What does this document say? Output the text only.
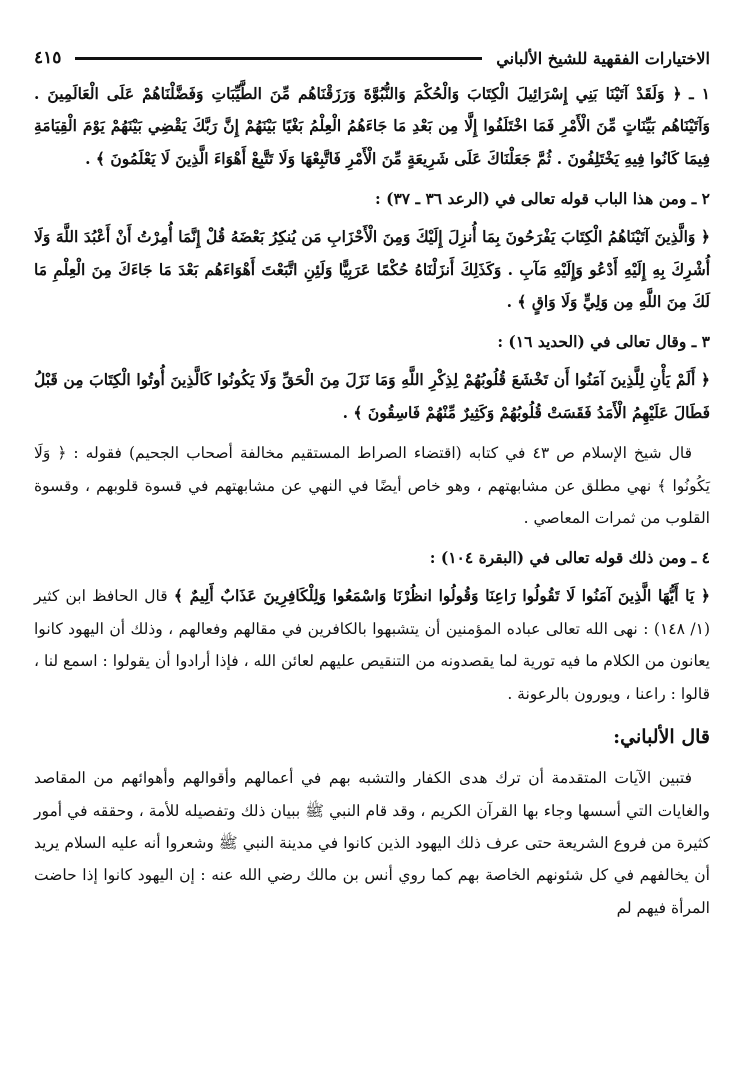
الاختيارات الفقهية للشيخ الألباني
٤١٥

١ ـ ﴿ وَلَقَدْ آتَيْنَا بَنِي إِسْرَائِيلَ الْكِتَابَ وَالْحُكْمَ وَالنُّبُوَّةَ وَرَزَقْنَاهُم مِّنَ الطَّيِّبَاتِ وَفَضَّلْنَاهُمْ عَلَى الْعَالَمِينَ . وَآتَيْنَاهُم بَيِّنَاتٍ مِّنَ الْأَمْرِ فَمَا اخْتَلَفُوا إِلَّا مِن بَعْدِ مَا جَاءَهُمُ الْعِلْمُ بَغْيًا بَيْنَهُمْ إِنَّ رَبَّكَ يَقْضِي بَيْنَهُمْ يَوْمَ الْقِيَامَةِ فِيمَا كَانُوا فِيهِ يَخْتَلِفُونَ . ثُمَّ جَعَلْنَاكَ عَلَى شَرِيعَةٍ مِّنَ الْأَمْرِ فَاتَّبِعْهَا وَلَا تَتَّبِعْ أَهْوَاءَ الَّذِينَ لَا يَعْلَمُونَ ﴾ .

٢ ـ ومن هذا الباب قوله تعالى في (الرعد ٣٦ ـ ٣٧) :

﴿ وَالَّذِينَ آتَيْنَاهُمُ الْكِتَابَ يَفْرَحُونَ بِمَا أُنزِلَ إِلَيْكَ وَمِنَ الْأَحْزَابِ مَن يُنكِرُ بَعْضَهُ قُلْ إِنَّمَا أُمِرْتُ أَنْ أَعْبُدَ اللَّهَ وَلَا أُشْرِكَ بِهِ إِلَيْهِ أَدْعُو وَإِلَيْهِ مَآبِ . وَكَذَلِكَ أَنزَلْنَاهُ حُكْمًا عَرَبِيًّا وَلَئِنِ اتَّبَعْتَ أَهْوَاءَهُم بَعْدَ مَا جَاءَكَ مِنَ الْعِلْمِ مَا لَكَ مِنَ اللَّهِ مِن وَلِيٍّ وَلَا وَاقٍ ﴾ .

٣ ـ وقال تعالى في (الحديد ١٦) :

﴿ أَلَمْ يَأْنِ لِلَّذِينَ آمَنُوا أَن تَخْشَعَ قُلُوبُهُمْ لِذِكْرِ اللَّهِ وَمَا نَزَلَ مِنَ الْحَقِّ وَلَا يَكُونُوا كَالَّذِينَ أُوتُوا الْكِتَابَ مِن قَبْلُ فَطَالَ عَلَيْهِمُ الْأَمَدُ فَقَسَتْ قُلُوبُهُمْ وَكَثِيرٌ مِّنْهُمْ فَاسِقُونَ ﴾ .

قال شيخ الإسلام ص ٤٣ في كتابه (اقتضاء الصراط المستقيم مخالفة أصحاب الجحيم) فقوله : ﴿ وَلَا يَكُونُوا ﴾ نهي مطلق عن مشابهتهم ، وهو خاص أيضًا في النهي عن مشابهتهم في قسوة قلوبهم ، وقسوة القلوب من ثمرات المعاصي .

٤ ـ ومن ذلك قوله تعالى في (البقرة ١٠٤) :

﴿ يَا أَيُّهَا الَّذِينَ آمَنُوا لَا تَقُولُوا رَاعِنَا وَقُولُوا انظُرْنَا وَاسْمَعُوا وَلِلْكَافِرِينَ عَذَابٌ أَلِيمٌ ﴾ قال الحافظ ابن كثير (١/ ١٤٨) : نهى الله تعالى عباده المؤمنين أن يتشبهوا بالكافرين في مقالهم وفعالهم ، وذلك أن اليهود كانوا يعانون من الكلام ما فيه تورية لما يقصدونه من التنقيص عليهم لعائن الله ، فإذا أرادوا أن يقولوا : اسمع لنا ، قالوا : راعنا ، ويورون بالرعونة .

قال الألباني:

فتبين الآيات المتقدمة أن ترك هدى الكفار والتشبه بهم في أعمالهم وأقوالهم وأهوائهم من المقاصد والغايات التي أسسها وجاء بها القرآن الكريم ، وقد قام النبي ﷺ ببيان ذلك وتفصيله للأمة ، وحققه في أمور كثيرة من فروع الشريعة حتى عرف ذلك اليهود الذين كانوا في مدينة النبي ﷺ وشعروا أنه عليه السلام يريد أن يخالفهم في كل شئونهم الخاصة بهم كما روي أنس بن مالك رضي الله عنه : إن اليهود كانوا إذا حاضت المرأة فيهم لم
